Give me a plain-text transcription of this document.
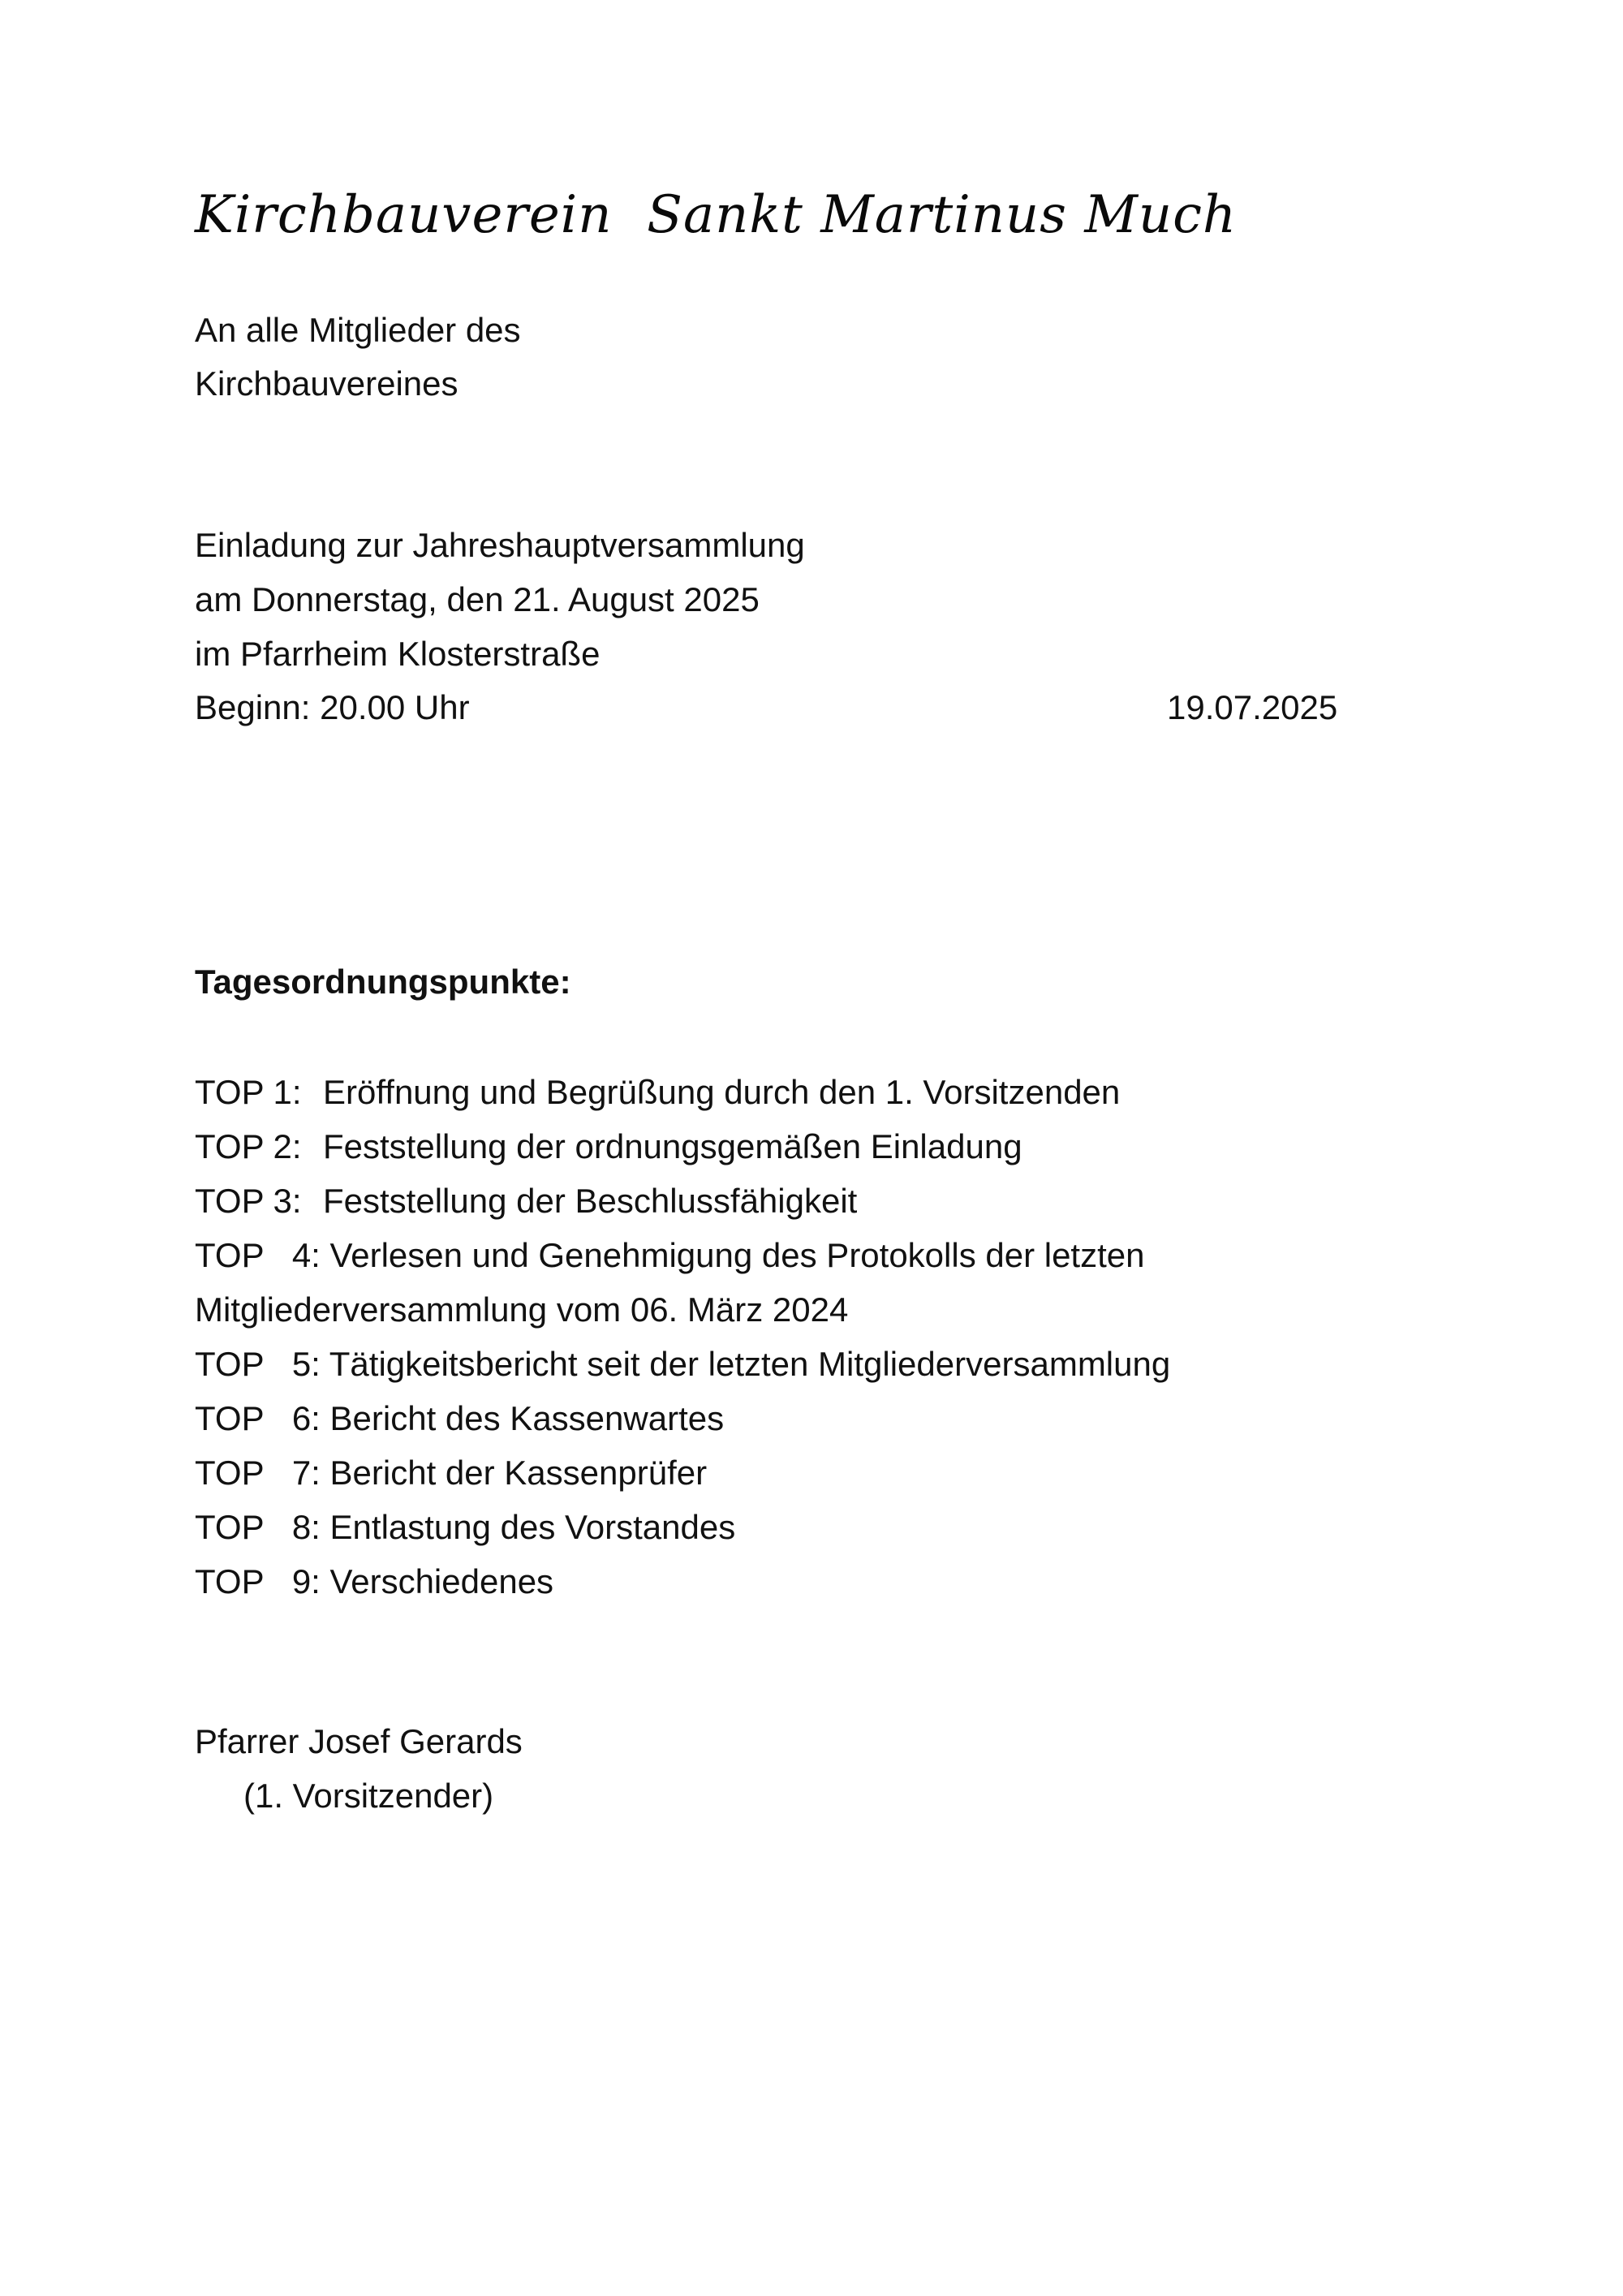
Kirchbauverein  Sankt Martinus Much
An alle Mitglieder des
Kirchbauvereines
Einladung zur Jahreshauptversammlung
am Donnerstag, den 21. August 2025
im Pfarrheim Klosterstraße
Beginn: 20.00 Uhr	19.07.2025
Tagesordnungspunkte:
TOP 1: Eröffnung und Begrüßung durch den 1. Vorsitzenden
TOP 2: Feststellung der ordnungsgemäßen Einladung
TOP 3: Feststellung der Beschlussfähigkeit
TOP   4: Verlesen und Genehmigung des Protokolls der letzten Mitgliederversammlung vom 06. März 2024
TOP   5: Tätigkeitsbericht seit der letzten Mitgliederversammlung
TOP   6: Bericht des Kassenwartes
TOP   7: Bericht der Kassenprüfer
TOP   8: Entlastung des Vorstandes
TOP   9: Verschiedenes
Pfarrer Josef Gerards
(1. Vorsitzender)
